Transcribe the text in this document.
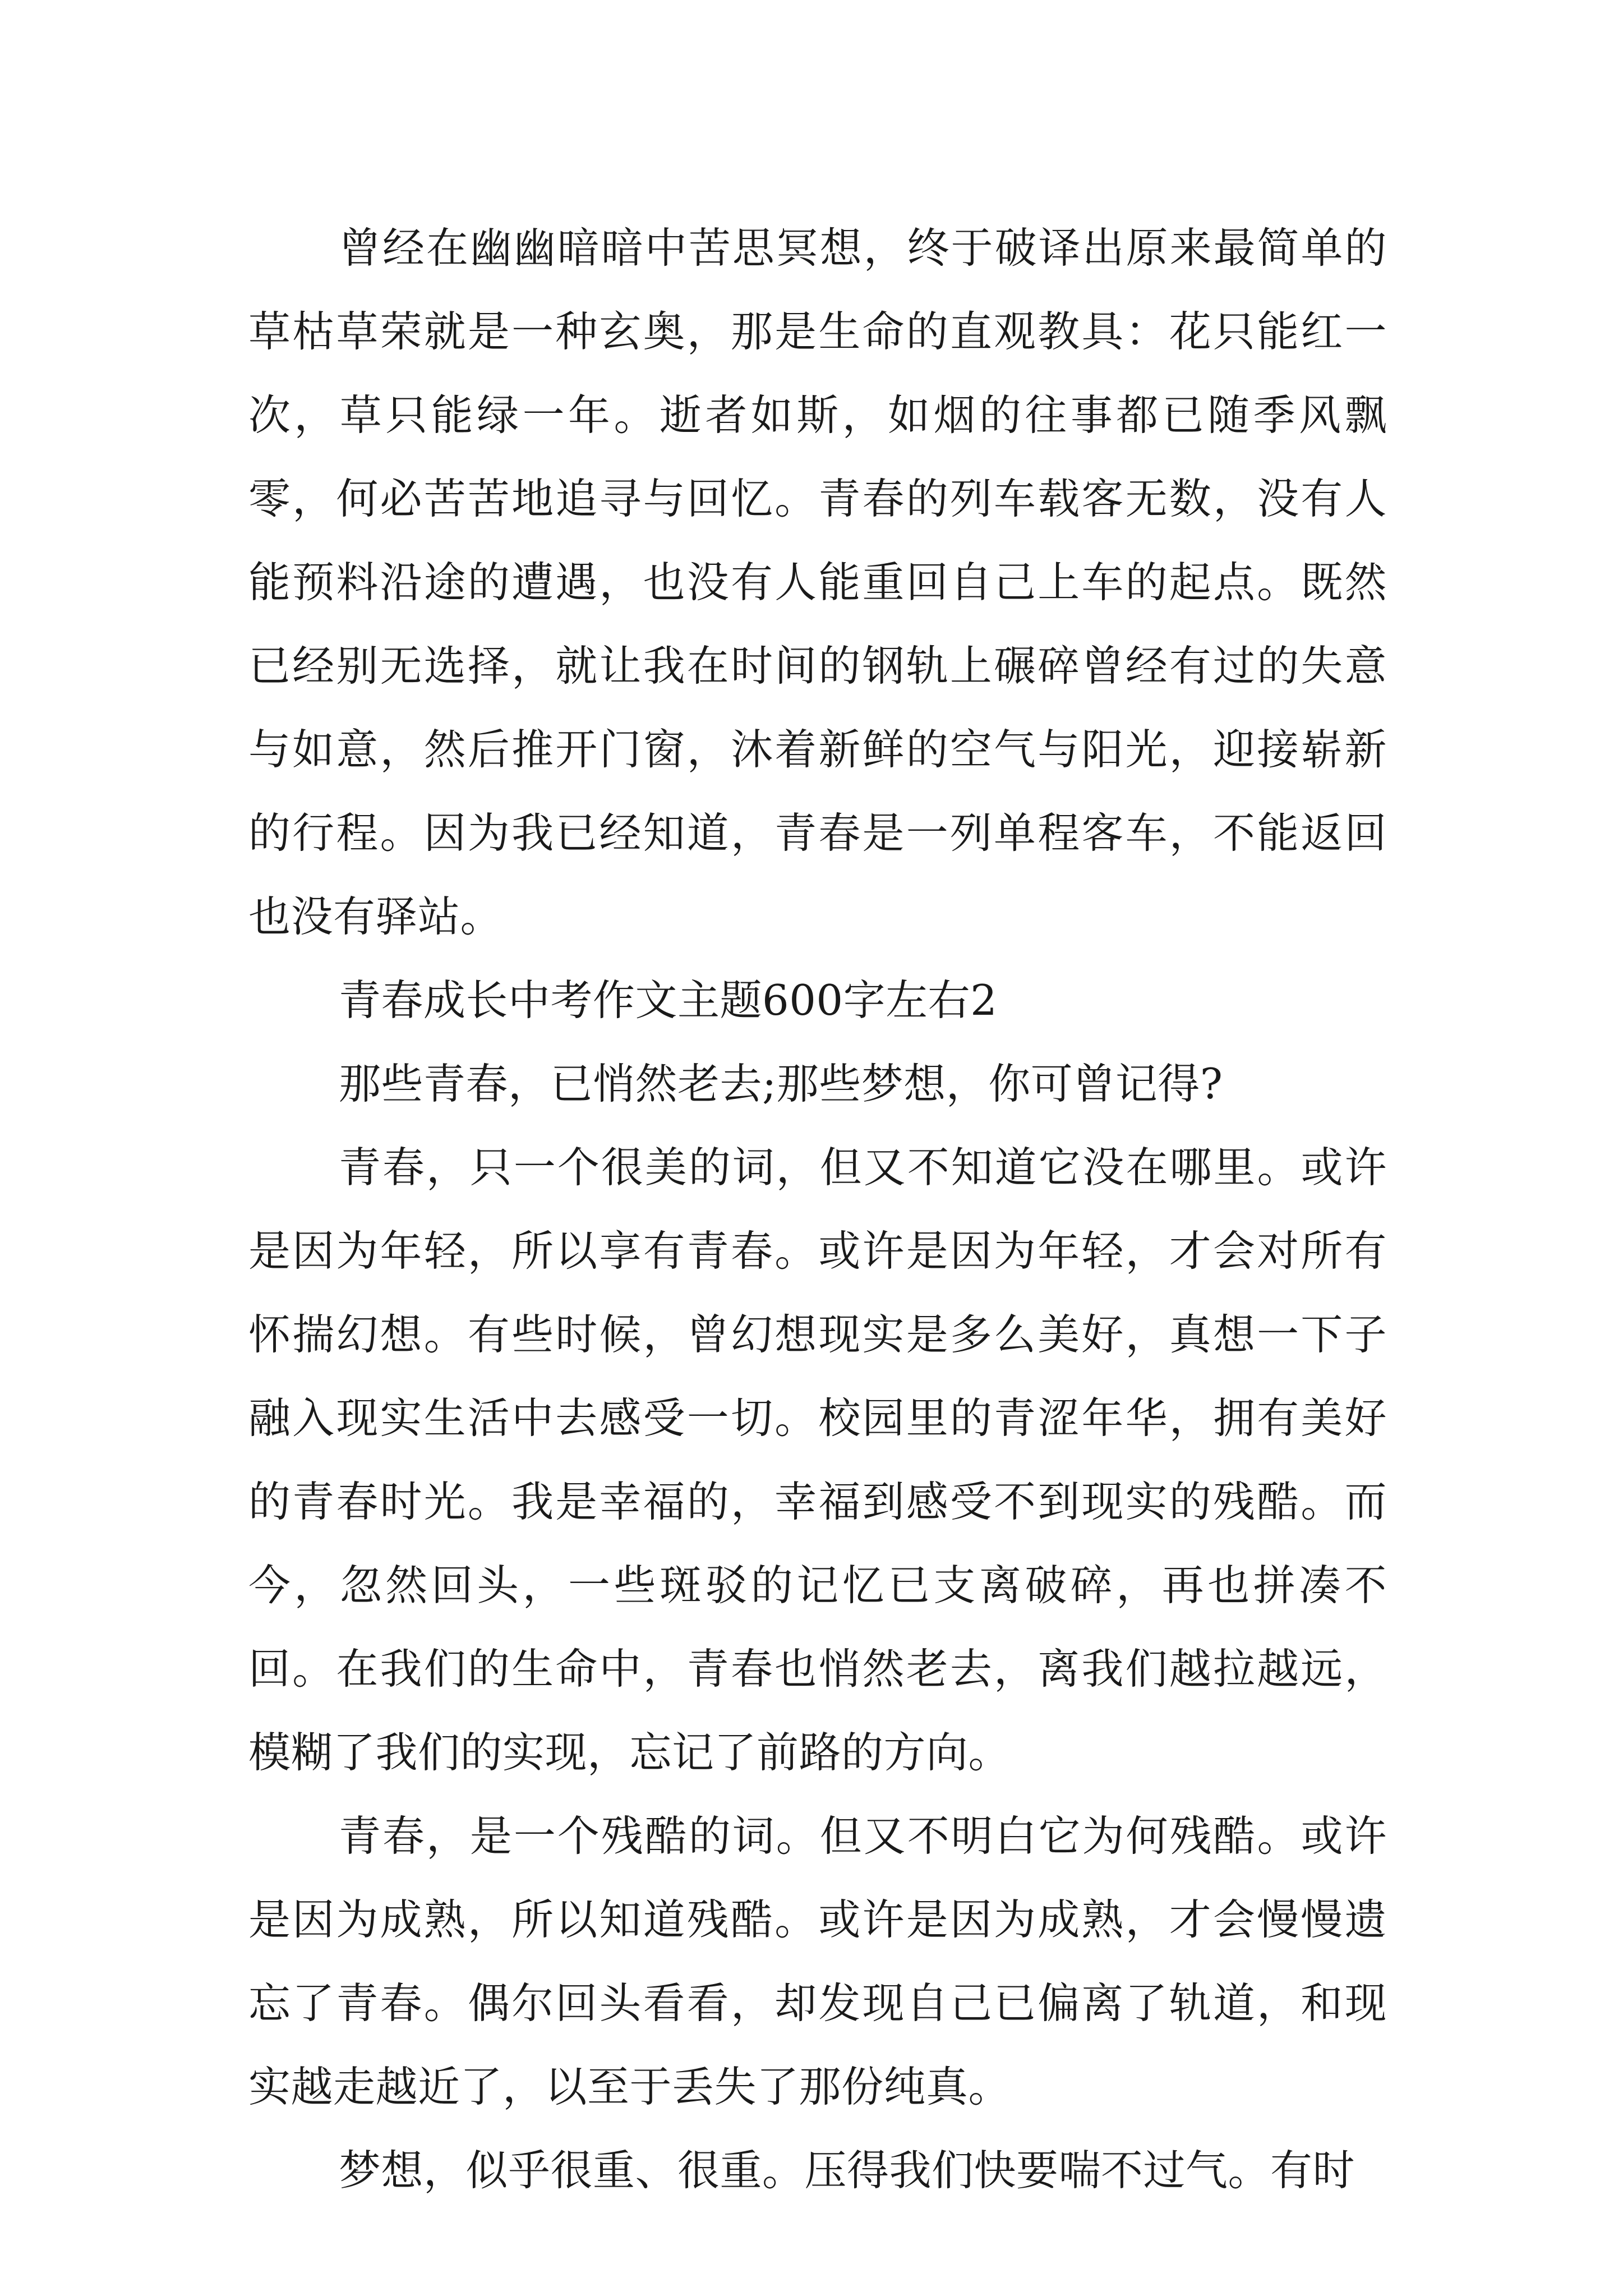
曾经在幽幽暗暗中苦思冥想，终于破译出原来最简单的草枯草荣就是一种玄奥，那是生命的直观教具：花只能红一次，草只能绿一年。逝者如斯，如烟的往事都已随季风飘零，何必苦苦地追寻与回忆。青春的列车载客无数，没有人能预料沿途的遭遇，也没有人能重回自己上车的起点。既然已经别无选择，就让我在时间的钢轨上碾碎曾经有过的失意与如意，然后推开门窗，沐着新鲜的空气与阳光，迎接崭新的行程。因为我已经知道，青春是一列单程客车，不能返回也没有驿站。

青春成长中考作文主题600字左右2

那些青春，已悄然老去;那些梦想，你可曾记得?

青春，只一个很美的词，但又不知道它没在哪里。或许是因为年轻，所以享有青春。或许是因为年轻，才会对所有怀揣幻想。有些时候，曾幻想现实是多么美好，真想一下子融入现实生活中去感受一切。校园里的青涩年华，拥有美好的青春时光。我是幸福的，幸福到感受不到现实的残酷。而今，忽然回头，一些斑驳的记忆已支离破碎，再也拼凑不回。在我们的生命中，青春也悄然老去，离我们越拉越远，模糊了我们的实现，忘记了前路的方向。

青春，是一个残酷的词。但又不明白它为何残酷。或许是因为成熟，所以知道残酷。或许是因为成熟，才会慢慢遗忘了青春。偶尔回头看看，却发现自己已偏离了轨道，和现实越走越近了，以至于丢失了那份纯真。

梦想，似乎很重、很重。压得我们快要喘不过气。有时
